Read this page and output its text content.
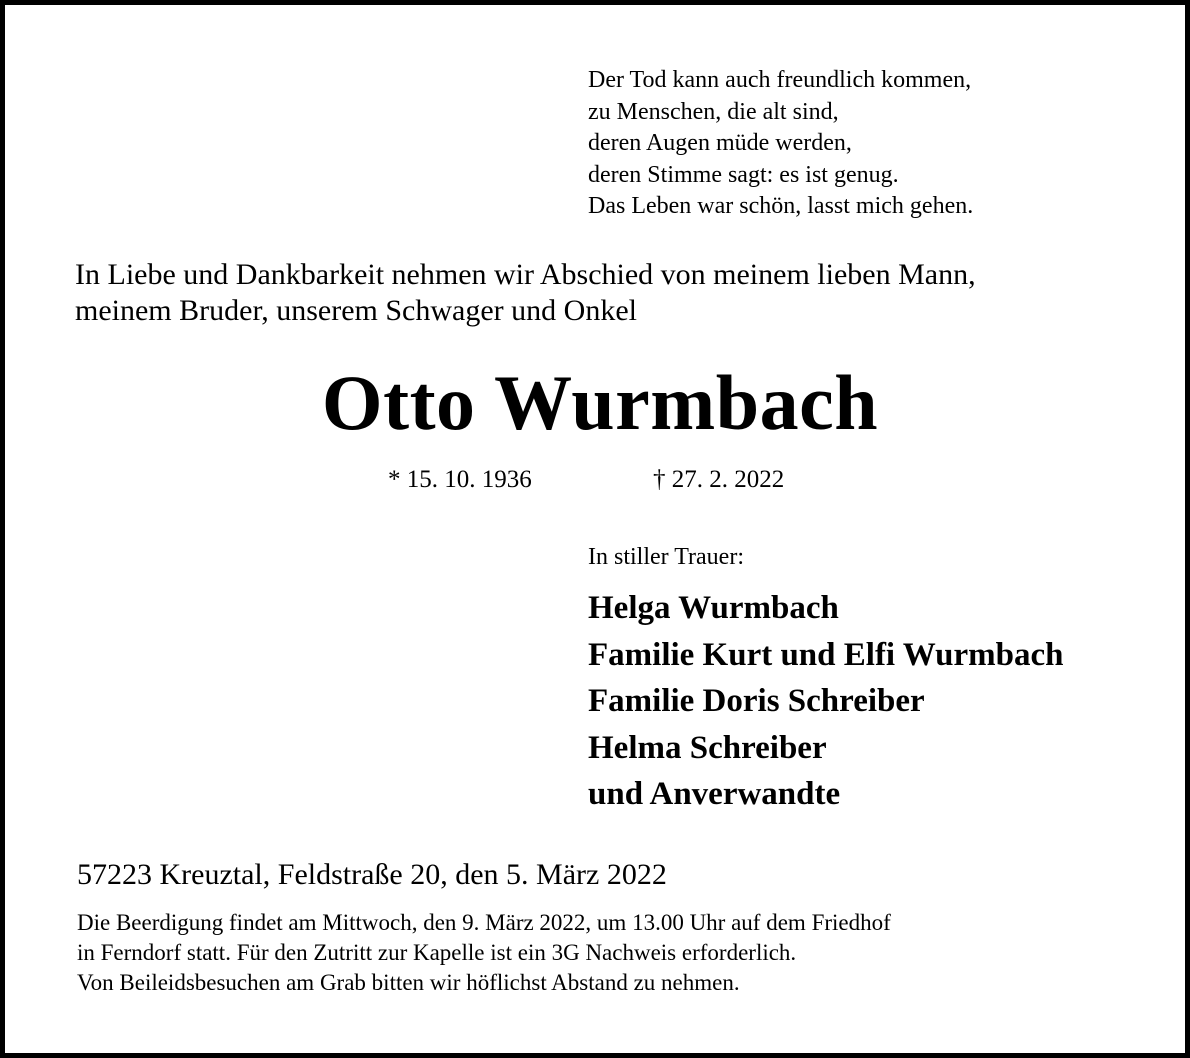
Der Tod kann auch freundlich kommen,
zu Menschen, die alt sind,
deren Augen müde werden,
deren Stimme sagt: es ist genug.
Das Leben war schön, lasst mich gehen.
In Liebe und Dankbarkeit nehmen wir Abschied von meinem lieben Mann,
meinem Bruder, unserem Schwager und Onkel
Otto Wurmbach
* 15. 10. 1936	† 27. 2. 2022
In stiller Trauer:
Helga Wurmbach
Familie Kurt und Elfi Wurmbach
Familie Doris Schreiber
Helma Schreiber
und Anverwandte
57223 Kreuztal, Feldstraße 20, den 5. März 2022
Die Beerdigung findet am Mittwoch, den 9. März 2022, um 13.00 Uhr auf dem Friedhof
in Ferndorf statt. Für den Zutritt zur Kapelle ist ein 3G Nachweis erforderlich.
Von Beileidsbesuchen am Grab bitten wir höflichst Abstand zu nehmen.
